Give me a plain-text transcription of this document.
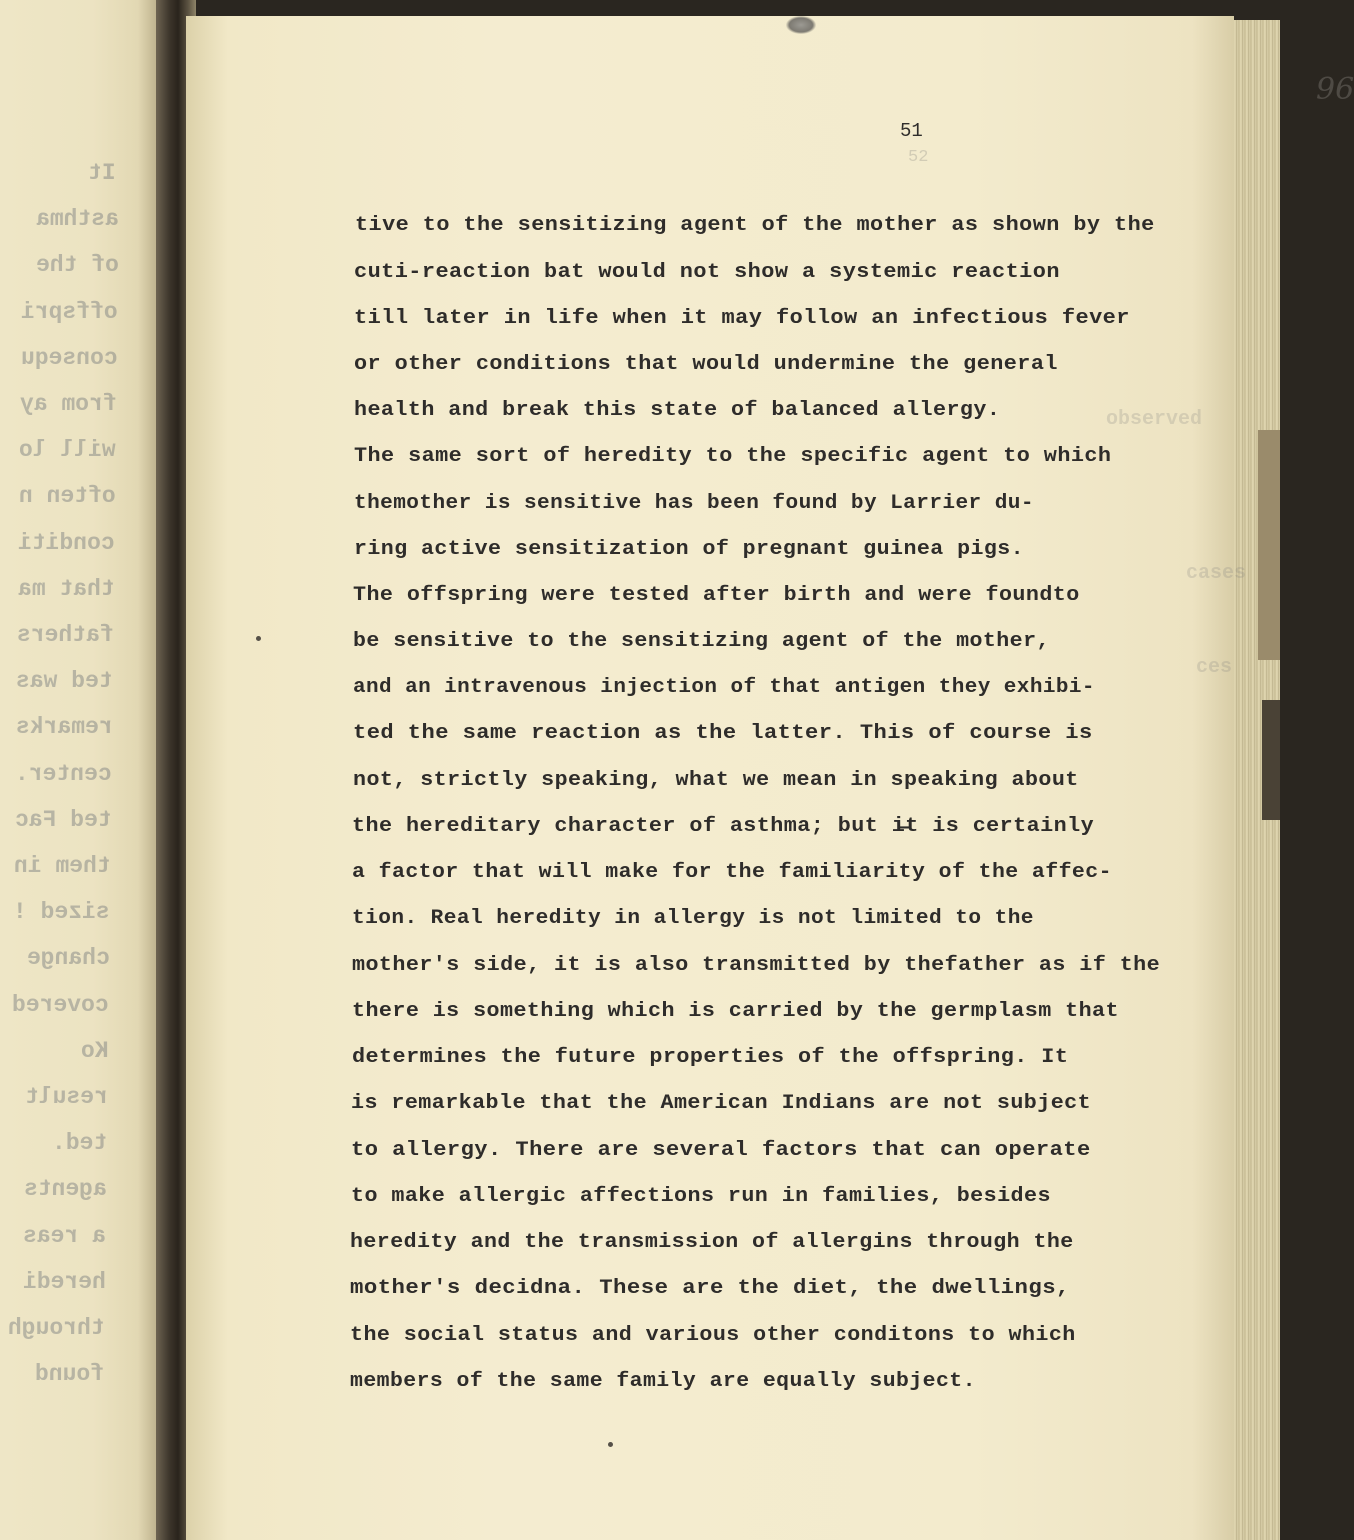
It
asthma
of the
offspri
consequ
from ay
will lo
often n
conditi
that ma
fathers
ted was
remarks
center.
ted Fac
them in
sized !
change
covered
Ko
result
ted.
agents
a reas
heredi
through
found
96
51
52
observed
cases
ces
tive to the sensitizing agent of the mother as shown by the
cuti-reaction bat would not show a systemic reaction
till later in life when it may follow an infectious fever
or other conditions that would undermine the general
health and break this state of balanced allergy.
The same sort of heredity to the specific agent to which
themother is sensitive has been found by Larrier du-
ring active sensitization of pregnant guinea pigs.
The offspring were tested after birth and were foundto
be sensitive to the sensitizing agent of the mother,
and an intravenous injection of that antigen they exhibi-
ted the same reaction as the latter. This of course is
not, strictly speaking, what we mean in speaking about
the hereditary character of asthma; but i̶t is certainly
a factor that will make for the familiarity of the affec-
tion. Real heredity in allergy is not limited to the
mother's side, it is also transmitted by thefather as if the
there is something which is carried by the germplasm that
determines the future properties of the offspring. It
is remarkable that the American Indians are not subject
to allergy. There are several factors that can operate
to make allergic affections run in families, besides
heredity and the transmission of allergins through the
mother's decidna. These are the diet, the dwellings,
the social status and various other conditons to which
members of the same family are equally subject.
